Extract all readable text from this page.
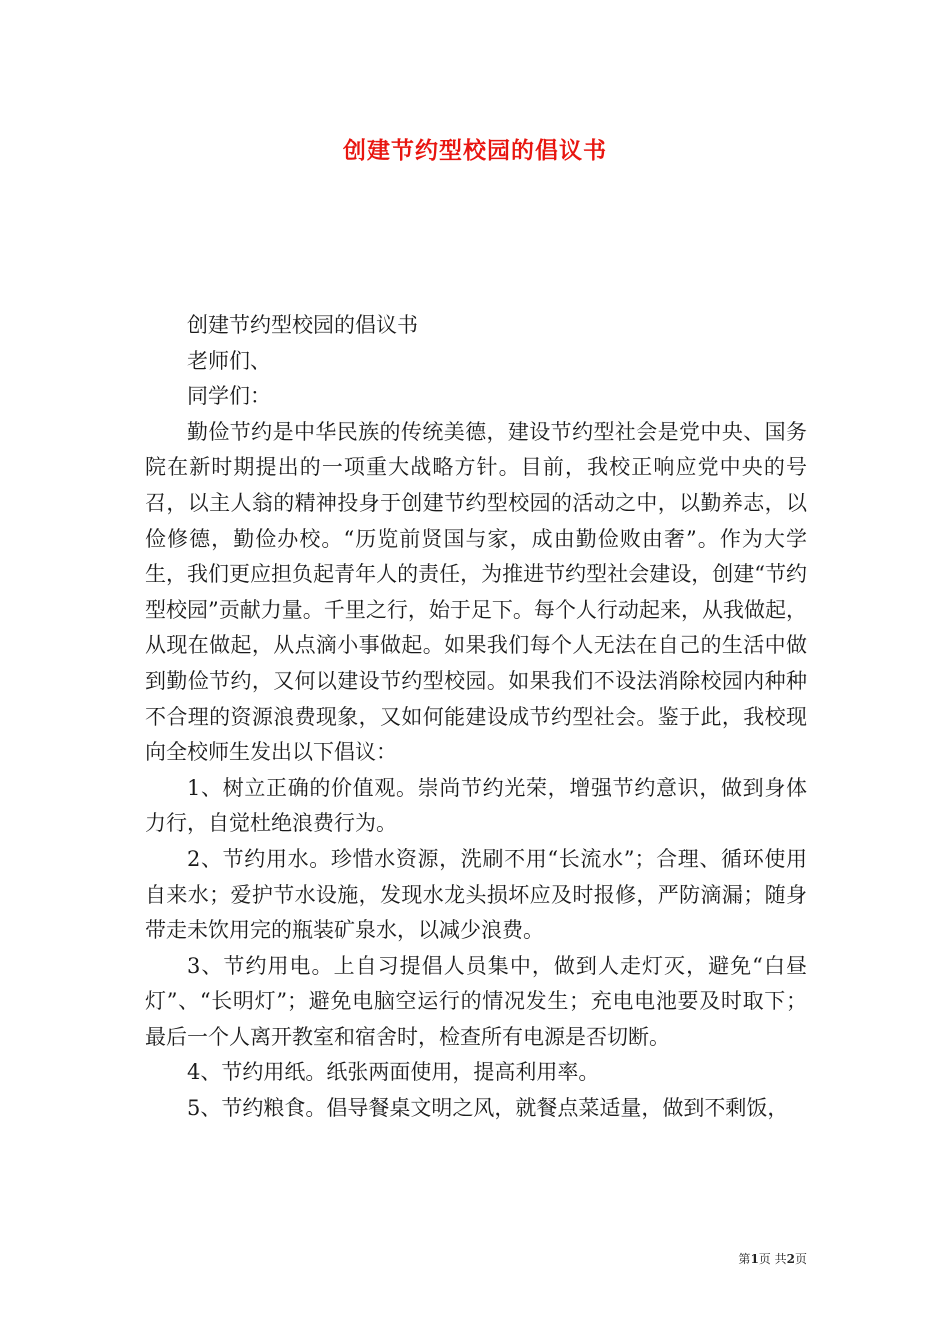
创建节约型校园的倡议书

创建节约型校园的倡议书

老师们、

同学们：

勤俭节约是中华民族的传统美德，建设节约型社会是党中央、国务院在新时期提出的一项重大战略方针。目前，我校正响应党中央的号召，以主人翁的精神投身于创建节约型校园的活动之中，以勤养志，以俭修德，勤俭办校。“历览前贤国与家，成由勤俭败由奢”。作为大学生，我们更应担负起青年人的责任，为推进节约型社会建设，创建“节约型校园”贡献力量。千里之行，始于足下。每个人行动起来，从我做起，从现在做起，从点滴小事做起。如果我们每个人无法在自己的生活中做到勤俭节约，又何以建设节约型校园。如果我们不设法消除校园内种种不合理的资源浪费现象，又如何能建设成节约型社会。鉴于此，我校现向全校师生发出以下倡议：

1、树立正确的价值观。崇尚节约光荣，增强节约意识，做到身体力行，自觉杜绝浪费行为。

2、节约用水。珍惜水资源，洗刷不用“长流水”；合理、循环使用自来水；爱护节水设施，发现水龙头损坏应及时报修，严防滴漏；随身带走未饮用完的瓶装矿泉水，以减少浪费。

3、节约用电。上自习提倡人员集中，做到人走灯灭，避免“白昼灯”、“长明灯”；避免电脑空运行的情况发生；充电电池要及时取下；最后一个人离开教室和宿舍时，检查所有电源是否切断。

4、节约用纸。纸张两面使用，提高利用率。

5、节约粮食。倡导餐桌文明之风，就餐点菜适量，做到不剩饭，

第1页 共2页
